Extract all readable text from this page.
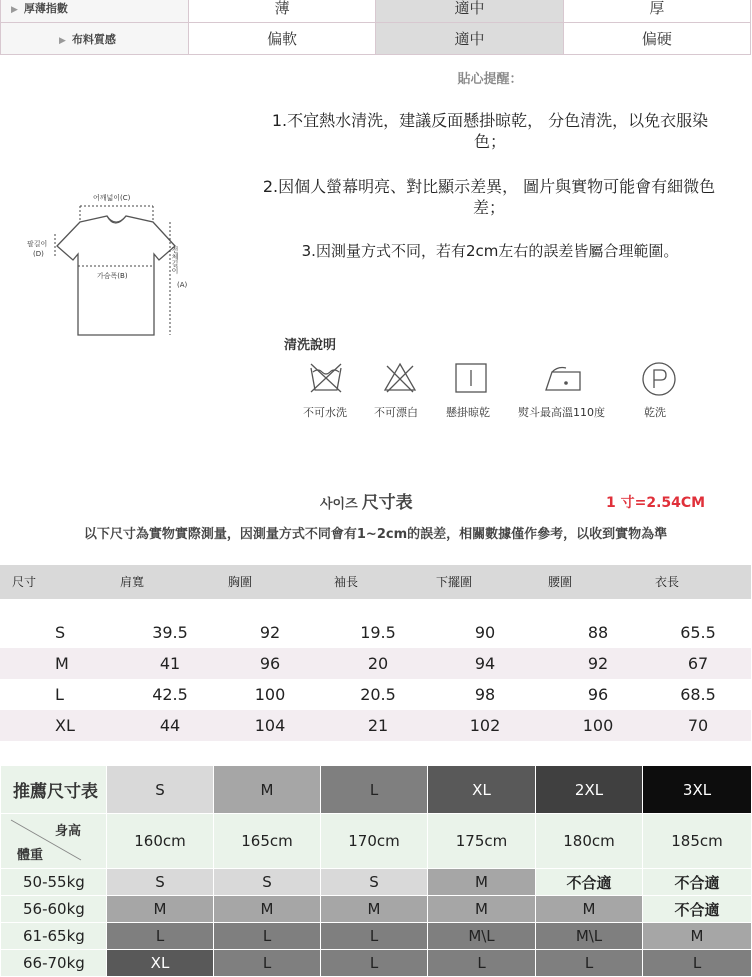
▶ 厚薄指數	薄	適中	厚
▶ 布料質感	偏軟	適中	偏硬
貼心提醒：
1.不宜熱水清洗，建議反面懸掛晾乾， 分色清洗，以免衣服染
色；
2.因個人螢幕明亮、對比顯示差異， 圖片與實物可能會有細微色
差；
3.因測量方式不同，若有2cm左右的誤差皆屬合理範圍。
어깨넓이(C)
팔길이
(D)
가슴폭(B)
전체길이
(A)
清洗說明
不可水洗 不可漂白	懸掛晾乾	熨斗最高溫110度	乾洗
사이즈 尺寸表	1 寸=2.54CM
以下尺寸為實物實際測量，因測量方式不同會有1~2cm的誤差，相關數據僅作參考，以收到實物為準
尺寸	肩寬	胸圍	袖長	下擺圍	腰圍	衣長
S	39.5	92	19.5	90	88	65.5
M	41	96	20	94	92	67
L	42.5	100	20.5	98	96	68.5
XL	44	104	21	102	100	70
推薦尺寸表	S	M	L	XL	2XL	3XL

身高
體重	160cm	165cm	170cm	175cm	180cm	185cm
50-55kg	S	S	S	M	不合適	不合適
56-60kg	M	M	M	M	M	不合適
61-65kg	L	L	L	M\L	M\L	M
66-70kg	XL	L	L	L	L	L
